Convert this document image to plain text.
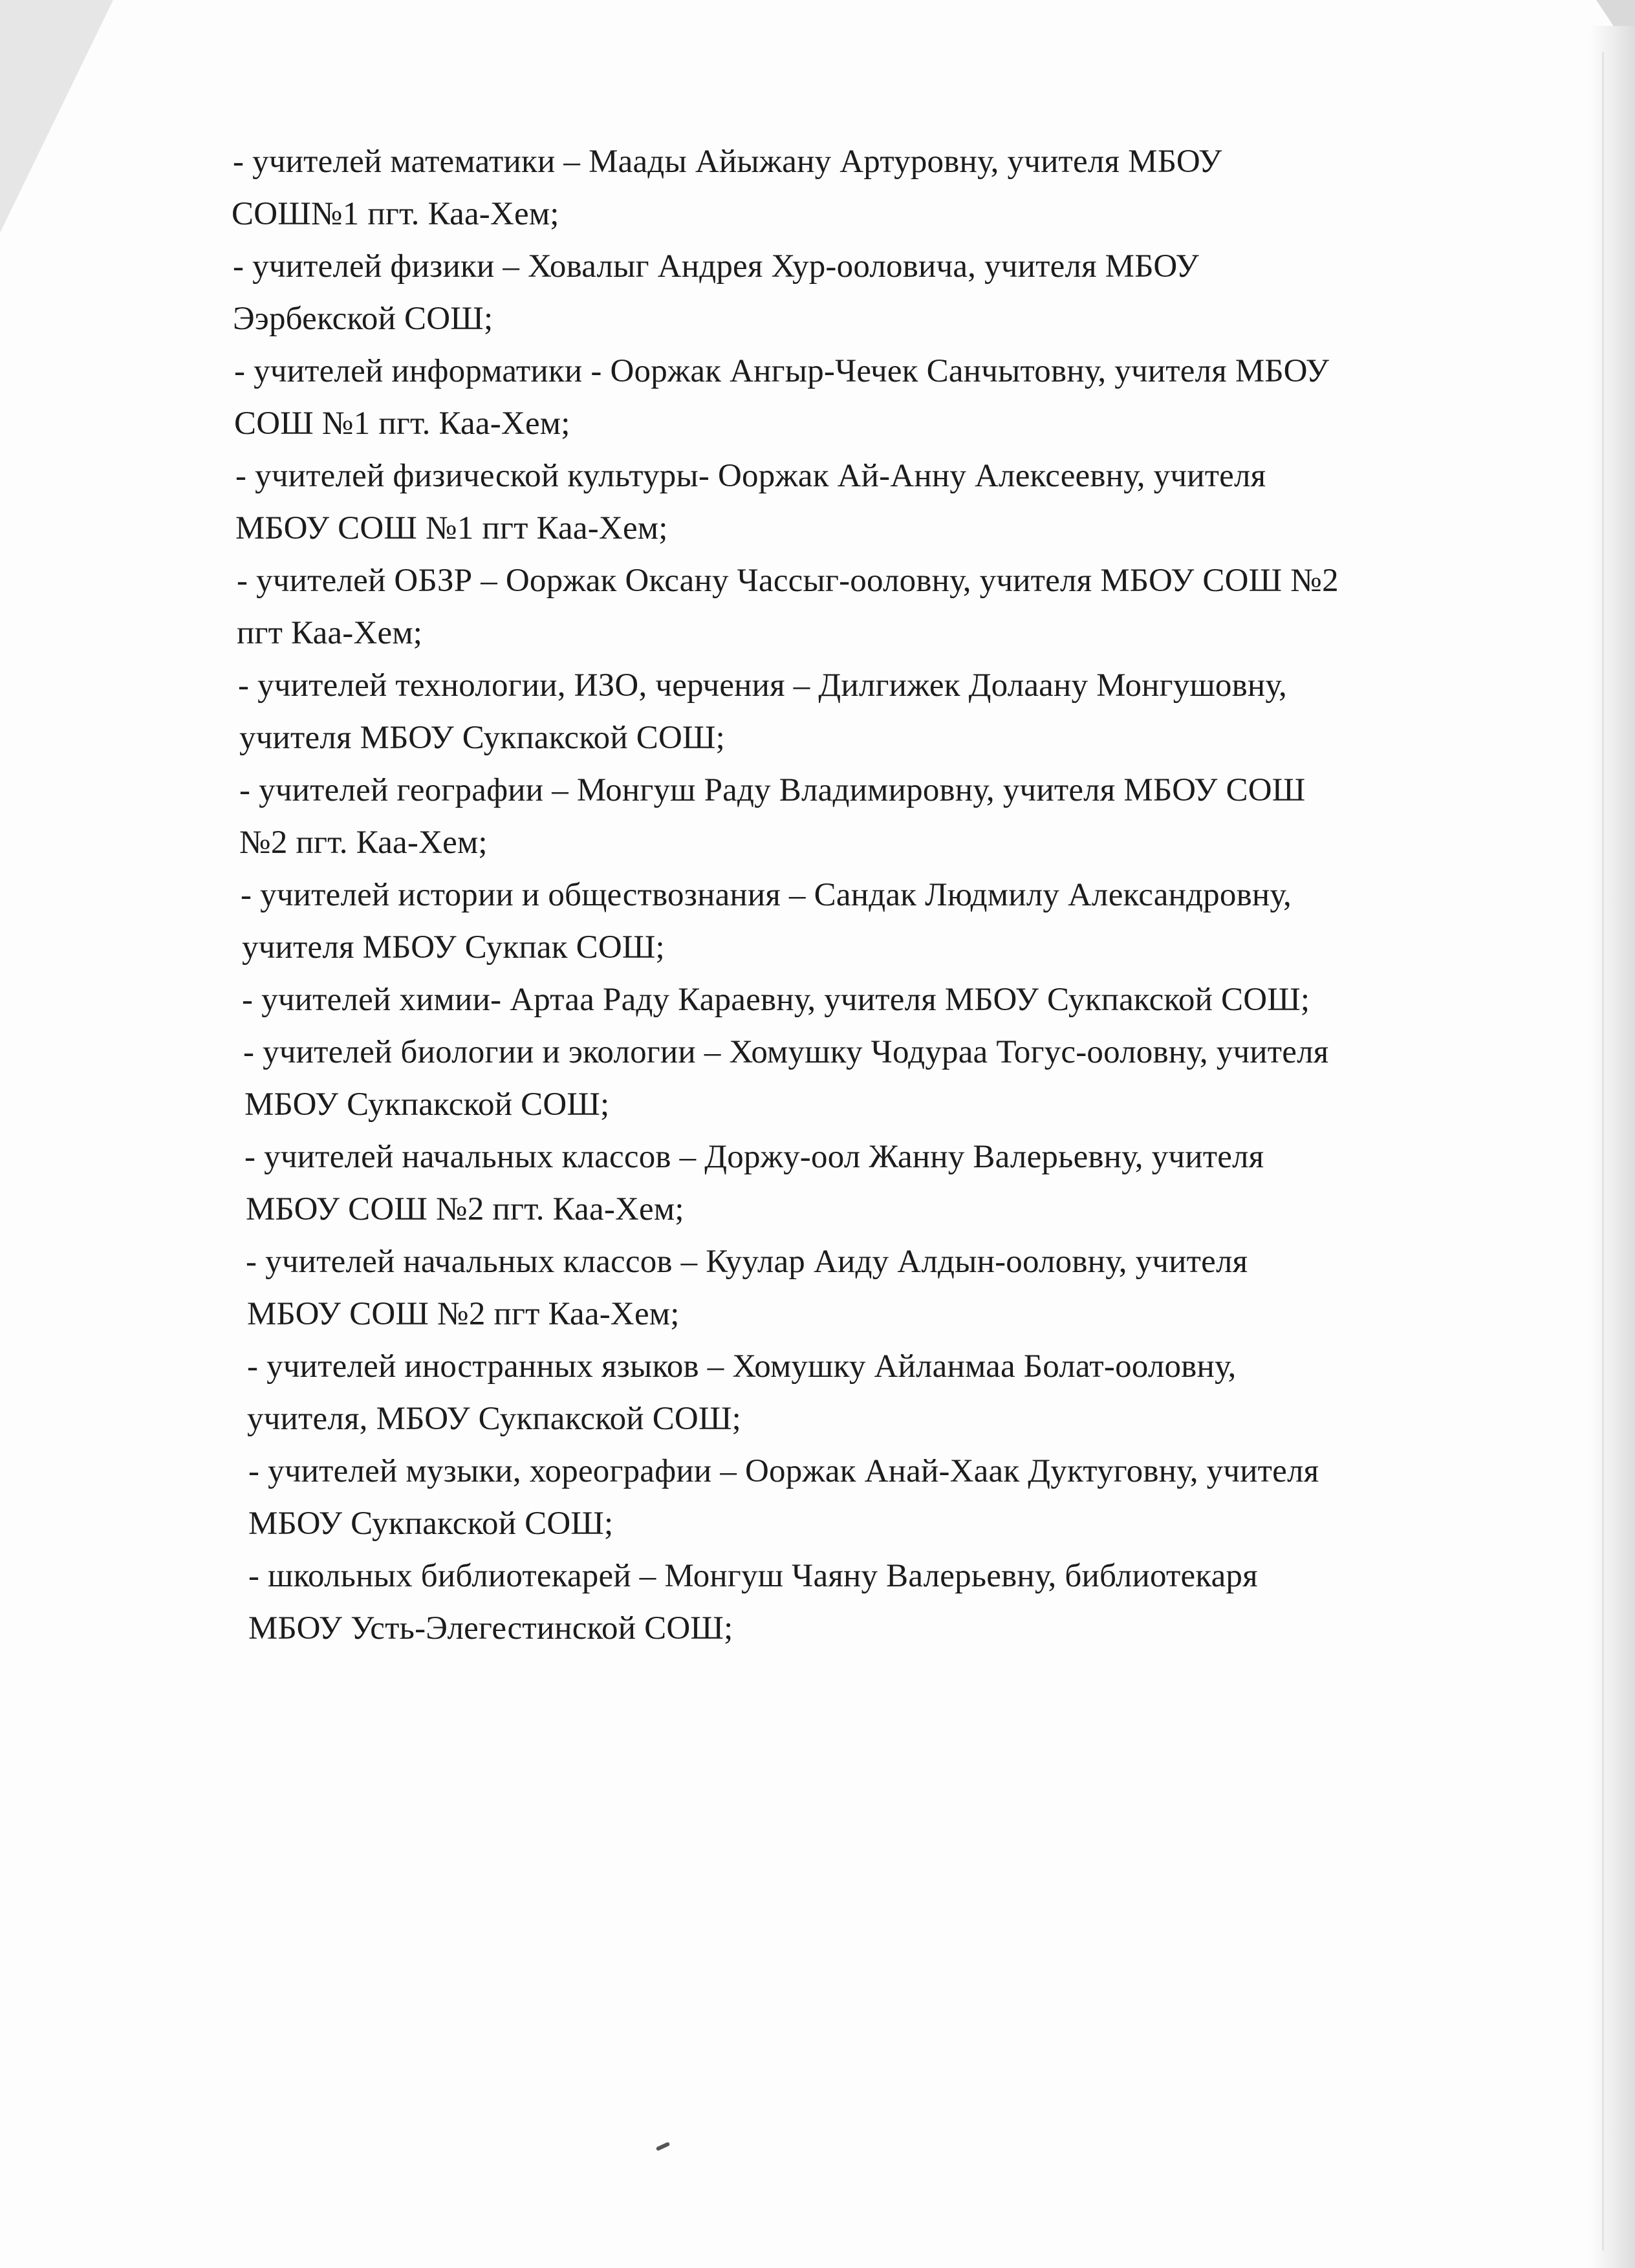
- учителей математики – Маады Айыжану Артуровну, учителя МБОУ
СОШ№1 пгт. Каа-Хем;

- учителей физики – Ховалыг Андрея Хур-ооловича, учителя МБОУ
Ээрбекской СОШ;

- учителей информатики - Ооржак Ангыр-Чечек Санчытовну, учителя МБОУ
СОШ №1 пгт. Каа-Хем;

- учителей физической культуры- Ооржак Ай-Анну Алексеевну, учителя
МБОУ СОШ №1 пгт Каа-Хем;

- учителей ОБЗР – Ооржак Оксану Чассыг-ооловну, учителя МБОУ СОШ №2
пгт Каа-Хем;

- учителей технологии, ИЗО, черчения – Дилгижек Долаану Монгушовну,
учителя МБОУ Сукпакской СОШ;

- учителей географии – Монгуш Раду Владимировну, учителя МБОУ СОШ
№2 пгт. Каа-Хем;

- учителей истории и обществознания – Сандак Людмилу Александровну,
учителя МБОУ Сукпак СОШ;

- учителей химии- Артаа Раду Караевну, учителя МБОУ Сукпакской СОШ;

- учителей биологии и экологии – Хомушку Чодураа Тогус-ооловну, учителя
МБОУ Сукпакской СОШ;

- учителей начальных классов – Доржу-оол Жанну Валерьевну, учителя
МБОУ СОШ №2 пгт. Каа-Хем;

- учителей начальных классов – Куулар Аиду Алдын-ооловну, учителя
МБОУ СОШ №2 пгт Каа-Хем;

- учителей иностранных языков – Хомушку Айланмаа Болат-ооловну,
учителя, МБОУ Сукпакской СОШ;

- учителей музыки, хореографии – Ооржак Анай-Хаак Дуктуговну, учителя
МБОУ Сукпакской СОШ;

- школьных библиотекарей – Монгуш Чаяну Валерьевну, библиотекаря
МБОУ Усть-Элегестинской СОШ;
